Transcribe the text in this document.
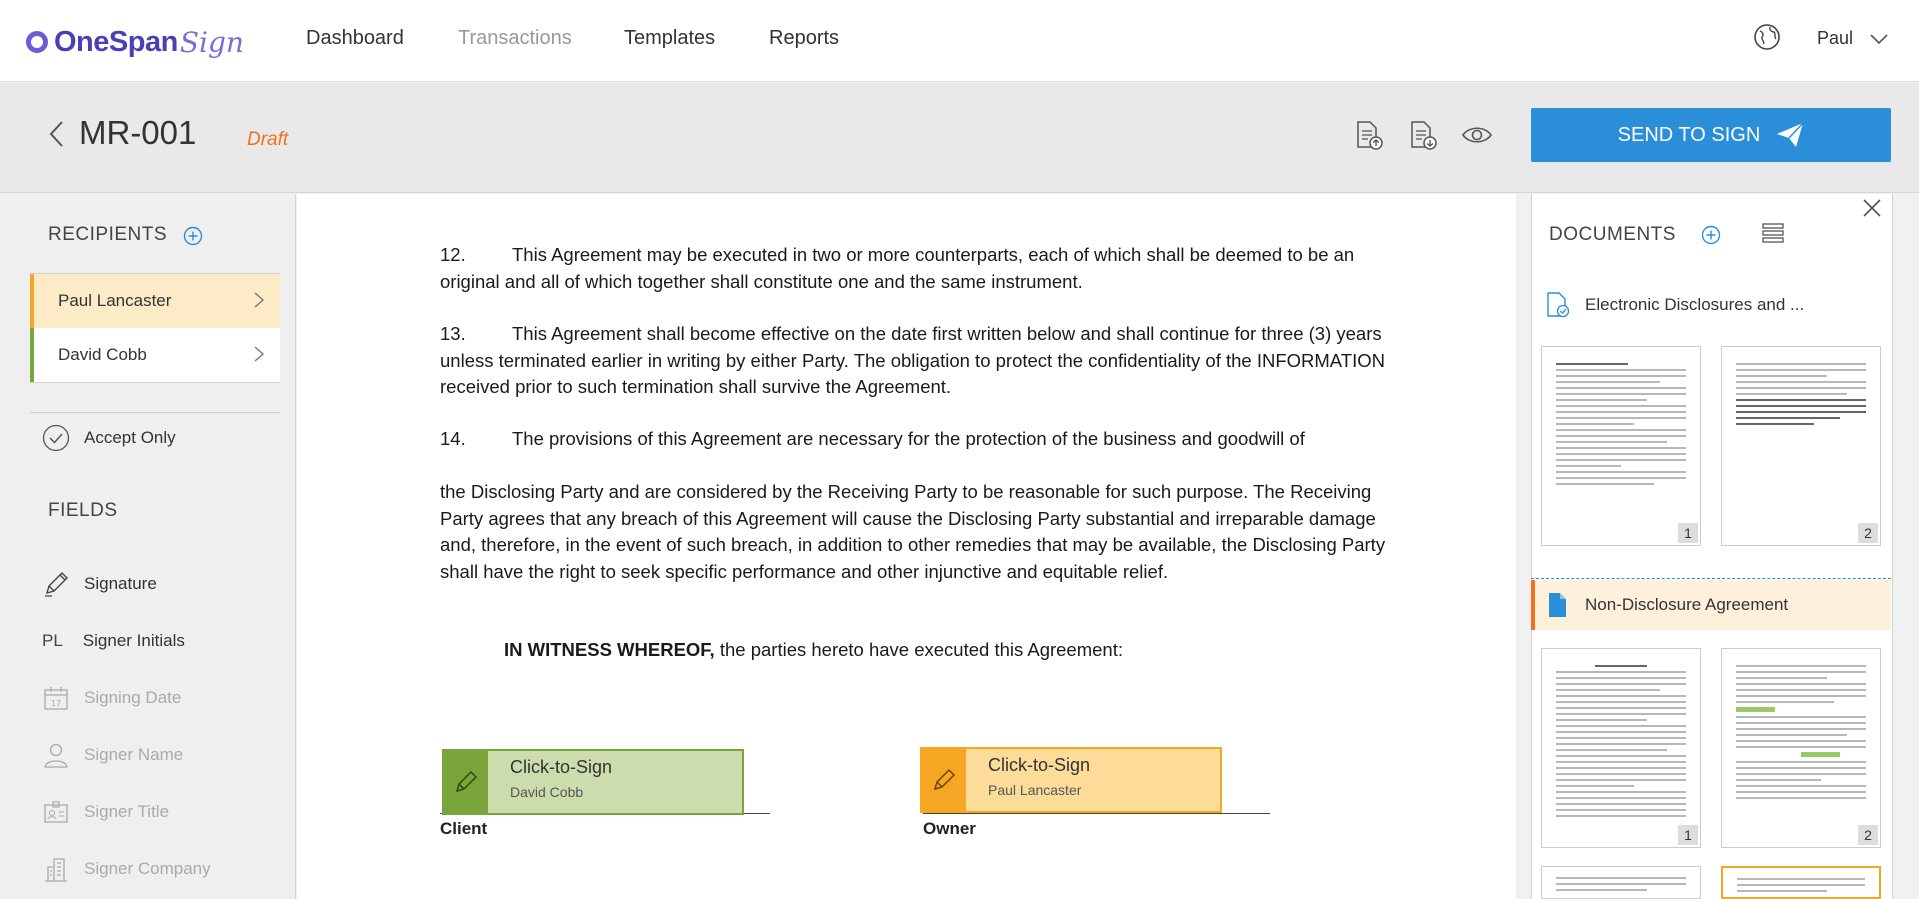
OneSpan Sign	Dashboard	Transactions	Templates	Reports	Paul
MR-001	Draft	SEND TO SIGN
RECIPIENTS
Paul Lancaster
David Cobb
Accept Only
FIELDS
Signature
PL Signer Initials
17 Signing Date
Signer Name
Signer Title
Signer Company
12.	This Agreement may be executed in two or more counterparts, each of which shall be deemed to be an original and all of which together shall constitute one and the same instrument.
13.	This Agreement shall become effective on the date first written below and shall continue for three (3) years unless terminated earlier in writing by either Party. The obligation to protect the confidentiality of the INFORMATION received prior to such termination shall survive the Agreement.
14.	The provisions of this Agreement are necessary for the protection of the business and goodwill of
the Disclosing Party and are considered by the Receiving Party to be reasonable for such purpose. The Receiving Party agrees that any breach of this Agreement will cause the Disclosing Party substantial and irreparable damage and, therefore, in the event of such breach, in addition to other remedies that may be available, the Disclosing Party shall have the right to seek specific performance and other injunctive and equitable relief.
IN WITNESS WHEREOF, the parties hereto have executed this Agreement:
Click-to-Sign
David Cobb
Click-to-Sign
Paul Lancaster
Client	Owner
DOCUMENTS
Electronic Disclosures and ...
1	2
Non-Disclosure Agreement
1	2
